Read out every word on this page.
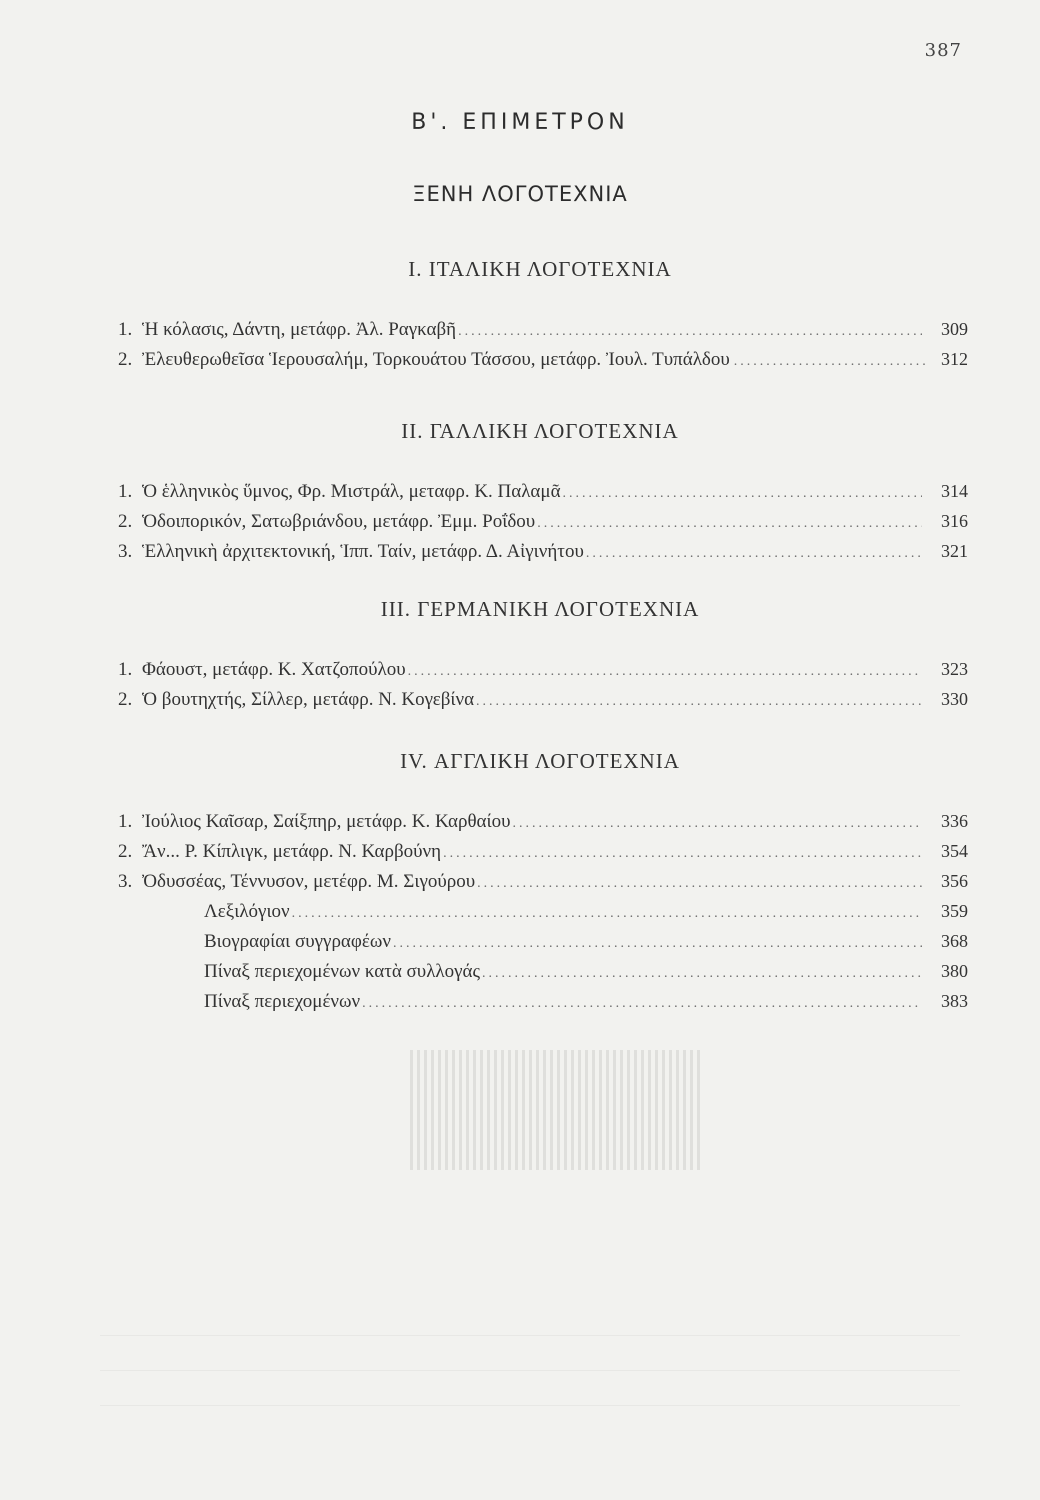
387
Β'. ΕΠΙΜΕΤΡΟΝ
ΞΕΝΗ ΛΟΓΟΤΕΧΝΙΑ
Ι. ΙΤΑΛΙΚΗ ΛΟΓΟΤΕΧΝΙΑ
1. Ἡ κόλασις, Δάντη, μετάφρ. Ἀλ. Ραγκαβῆ .....	309
2. Ἐλευθερωθεῖσα Ἱερουσαλήμ, Τορκουάτου Τάσσου, μετάφρ. Ἰουλ. Τυπάλδου .....	312
ΙΙ. ΓΑΛΛΙΚΗ ΛΟΓΟΤΕΧΝΙΑ
1. Ὁ ἑλληνικὸς ὕμνος, Φρ. Μιστράλ, μεταφρ. Κ. Παλαμᾶ .....	314
2. Ὁδοιπορικόν, Σατωβριάνδου, μετάφρ. Ἐμμ. Ροΐδου .....	316
3. Ἑλληνικὴ ἀρχιτεκτονική, Ἱππ. Ταίν, μετάφρ. Δ. Αἰγινήτου .....	321
ΙΙΙ. ΓΕΡΜΑΝΙΚΗ ΛΟΓΟΤΕΧΝΙΑ
1. Φάουστ, μετάφρ. Κ. Χατζοπούλου .....	323
2. Ὁ βουτηχτής, Σίλλερ, μετάφρ. Ν. Κογεβίνα .....	330
ΙV. ΑΓΓΛΙΚΗ ΛΟΓΟΤΕΧΝΙΑ
1. Ἰούλιος Καῖσαρ, Σαίξπηρ, μετάφρ. Κ. Καρθαίου .....	336
2. Ἄν... Ρ. Κίπλιγκ, μετάφρ. Ν. Καρβούνη .....	354
3. Ὀδυσσέας, Τέννυσον, μετέφρ. Μ. Σιγούρου .....	356
Λεξιλόγιον .....	359
Βιογραφίαι συγγραφέων .....	368
Πίναξ περιεχομένων κατὰ συλλογάς .....	380
Πίναξ περιεχομένων .....	383
